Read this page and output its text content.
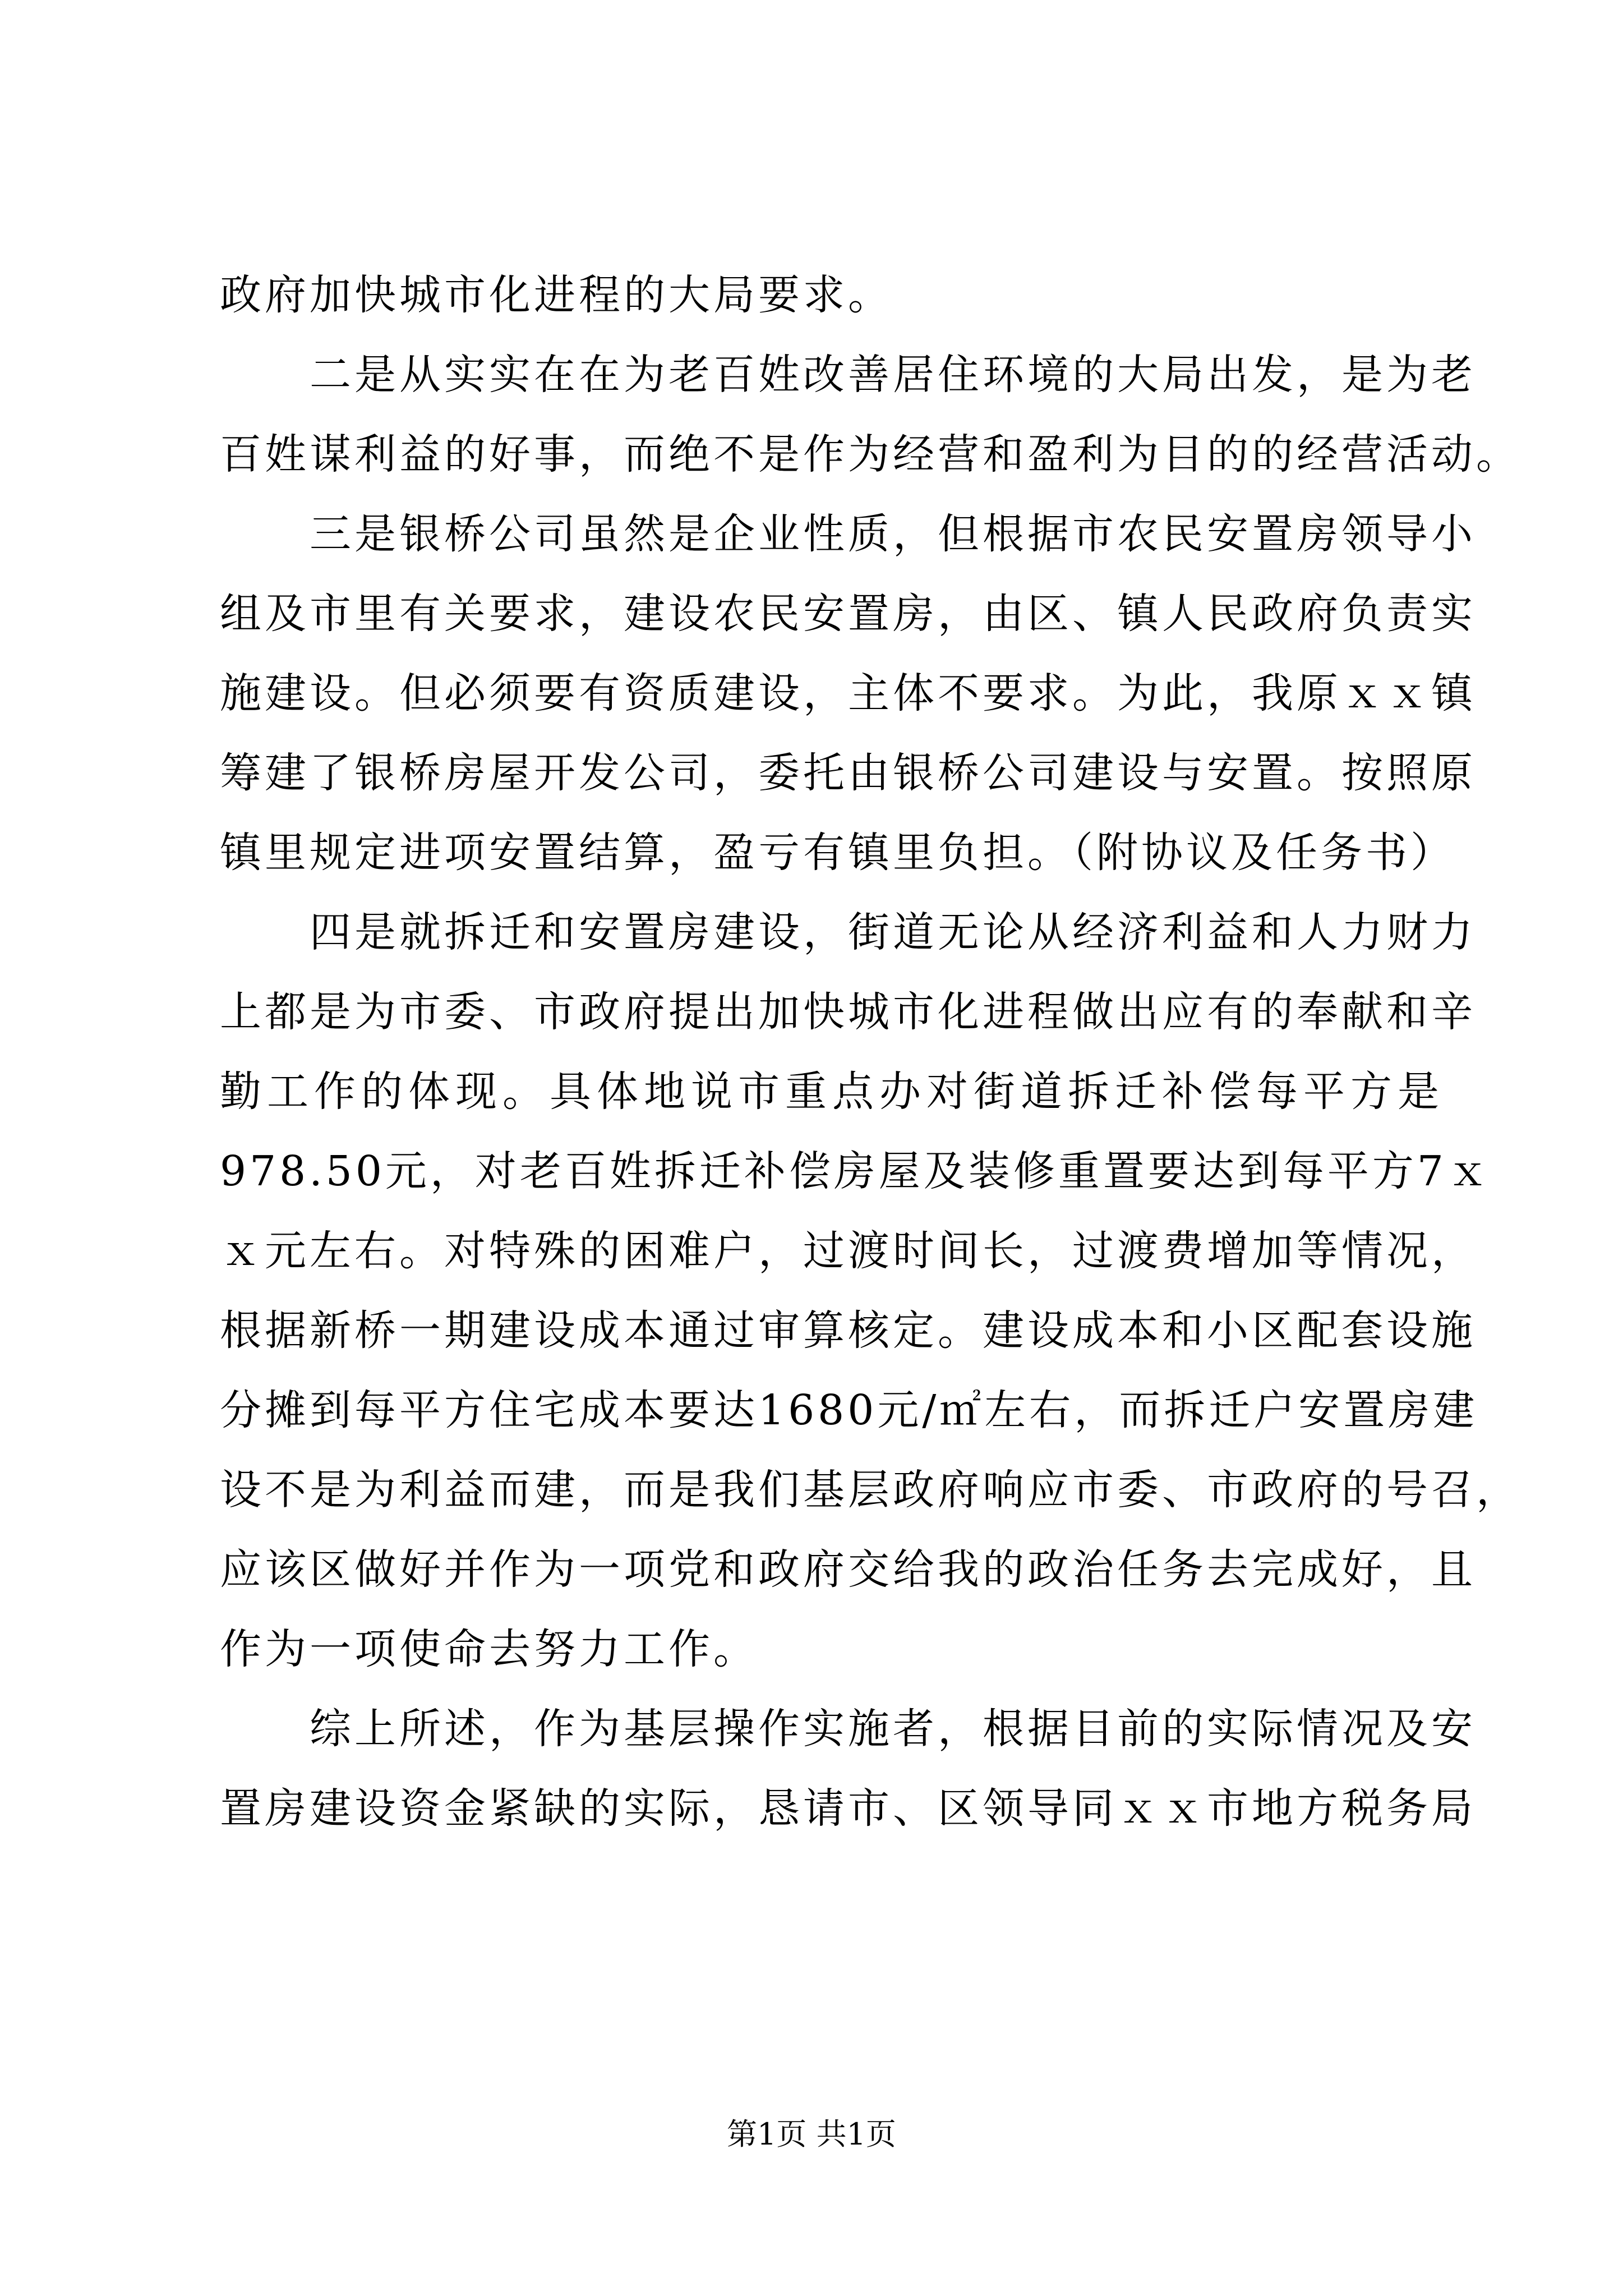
政府加快城市化进程的大局要求。
二是从实实在在为老百姓改善居住环境的大局出发，是为老
百姓谋利益的好事，而绝不是作为经营和盈利为目的的经营活动。
三是银桥公司虽然是企业性质，但根据市农民安置房领导小
组及市里有关要求，建设农民安置房，由区、镇人民政府负责实
施建设。但必须要有资质建设，主体不要求。为此，我原ｘｘ镇
筹建了银桥房屋开发公司，委托由银桥公司建设与安置。按照原
镇里规定进项安置结算，盈亏有镇里负担。（附协议及任务书）
四是就拆迁和安置房建设，街道无论从经济利益和人力财力
上都是为市委、市政府提出加快城市化进程做出应有的奉献和辛
勤工作的体现。具体地说市重点办对街道拆迁补偿每平方是
978.50元，对老百姓拆迁补偿房屋及装修重置要达到每平方7ｘ
ｘ元左右。对特殊的困难户，过渡时间长，过渡费增加等情况，
根据新桥一期建设成本通过审算核定。建设成本和小区配套设施
分摊到每平方住宅成本要达1680元/㎡左右，而拆迁户安置房建
设不是为利益而建，而是我们基层政府响应市委、市政府的号召，
应该区做好并作为一项党和政府交给我的政治任务去完成好，且
作为一项使命去努力工作。
综上所述，作为基层操作实施者，根据目前的实际情况及安
置房建设资金紧缺的实际，恳请市、区领导同ｘｘ市地方税务局
第1页 共1页
